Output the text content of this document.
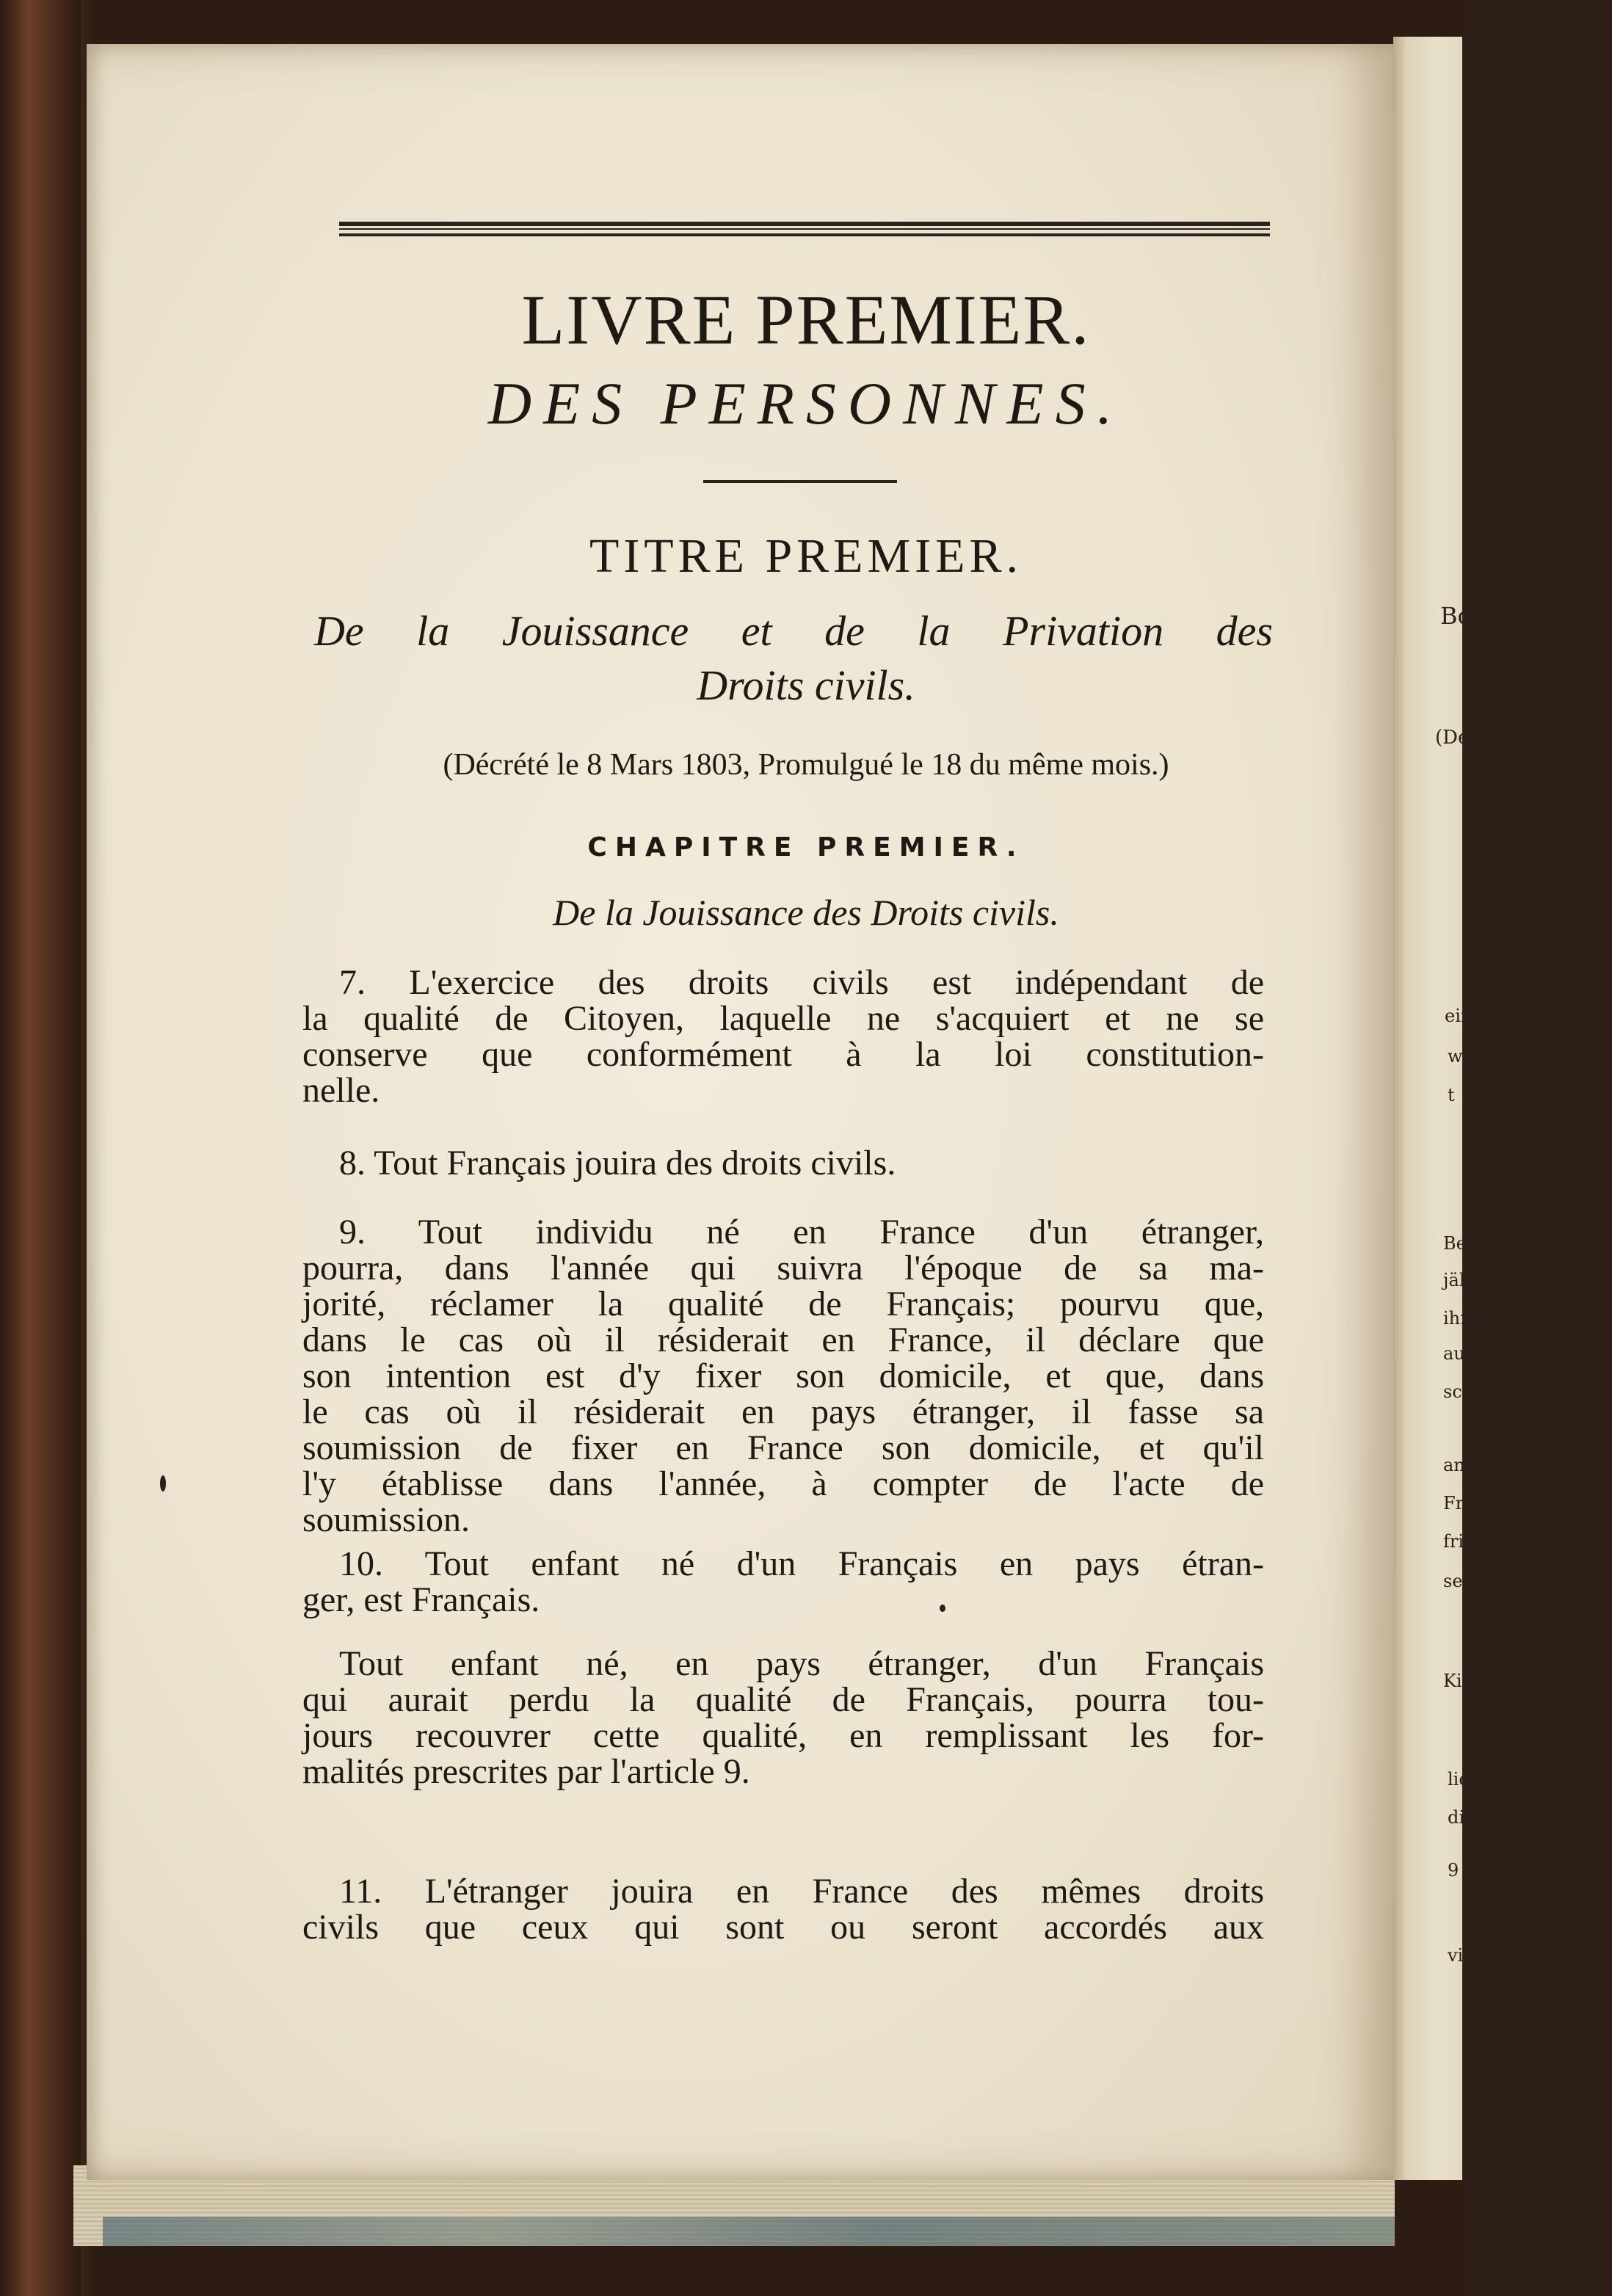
LIVRE PREMIER.
DES PERSONNES.
TITRE PREMIER.
De la Jouissance et de la Privation des
Droits civils.
(Décrété le 8 Mars 1803, Promulgué le 18 du même mois.)
CHAPITRE PREMIER.
De la Jouissance des Droits civils.
7. L'exercice des droits civils est indépendant de
la qualité de Citoyen, laquelle ne s'acquiert et ne se
conserve que conformément à la loi constitution-
nelle.
8. Tout Français jouira des droits civils.
9. Tout individu né en France d'un étranger,
pourra, dans l'année qui suivra l'époque de sa ma-
jorité, réclamer la qualité de Français; pourvu que,
dans le cas où il résiderait en France, il déclare que
son intention est d'y fixer son domicile, et que, dans
le cas où il résiderait en pays étranger, il fasse sa
soumission de fixer en France son domicile, et qu'il
l'y établisse dans l'année, à compter de l'acte de
soumission.
10. Tout enfant né d'un Français en pays étran-
ger, est Français.
Tout enfant né, en pays étranger, d'un Français
qui aurait perdu la qualité de Français, pourra tou-
jours recouvrer cette qualité, en remplissant les for-
malités prescrites par l'article 9.
11. L'étranger jouira en France des mêmes droits
civils que ceux qui sont ou seront accordés aux
Bo
(Def
ein
w
t
Ber
jähr
ihre
auf
sch
an
Fr
frie
selb
Ki
lie
di
9
vi
